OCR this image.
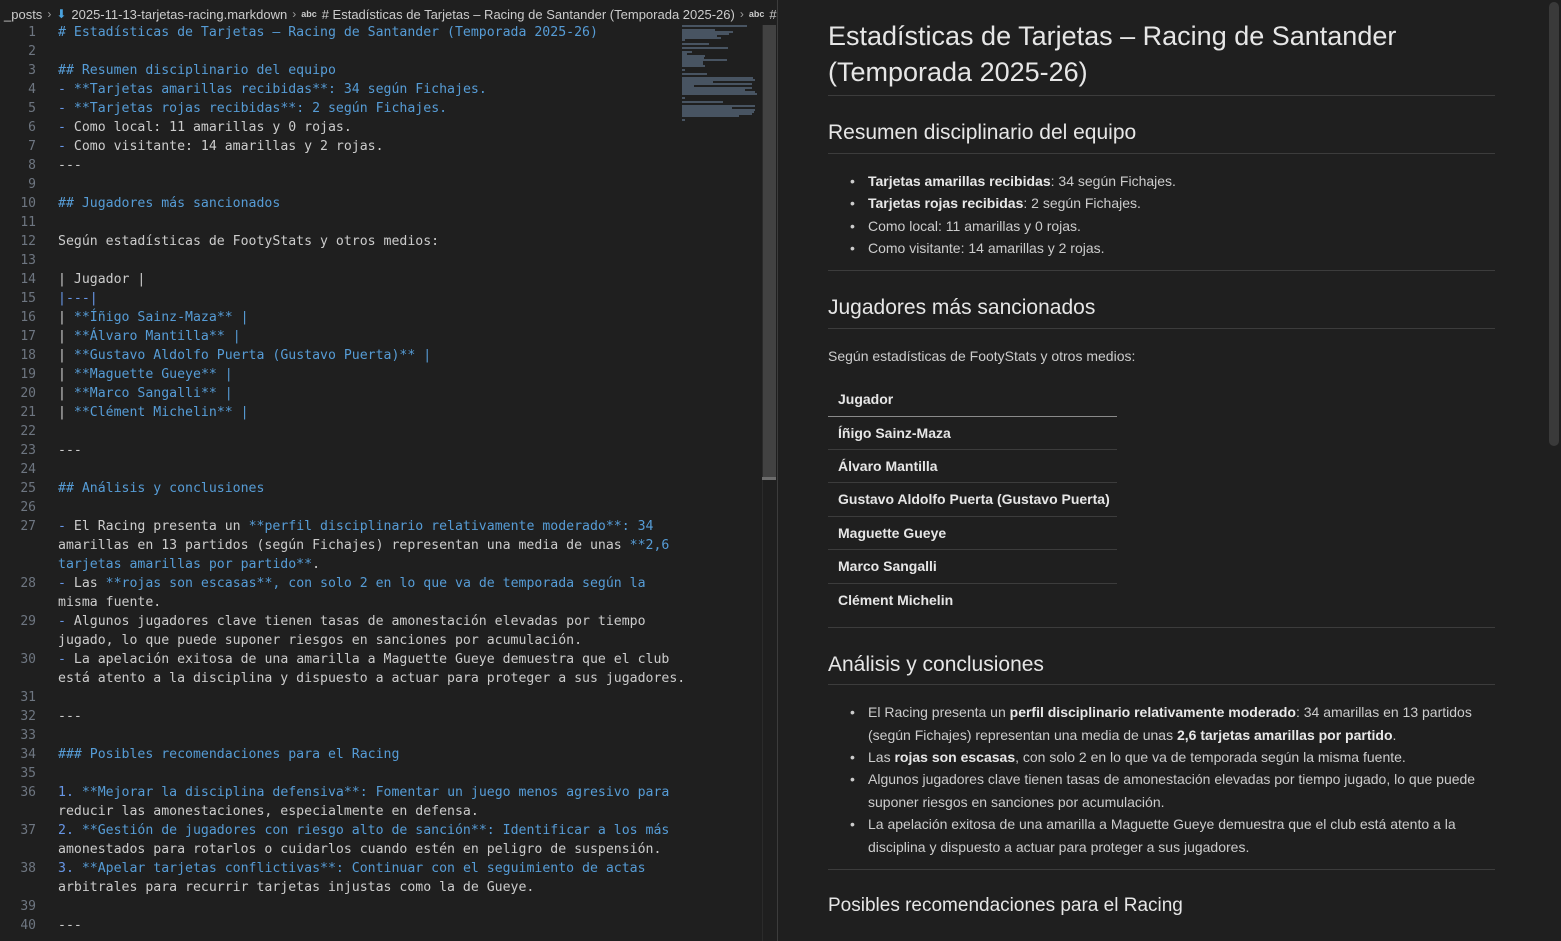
_posts › ⬇ 2025-11-13-tarjetas-racing.markdown › abc # Estadísticas de Tarjetas – Racing de Santander (Temporada 2025-26) › abc #
1 # Estadísticas de Tarjetas – Racing de Santander (Temporada 2025-26)
2
3 ## Resumen disciplinario del equipo
4 - **Tarjetas amarillas recibidas**: 34 según Fichajes.
5 - **Tarjetas rojas recibidas**: 2 según Fichajes.
6 - Como local: 11 amarillas y 0 rojas.
7 - Como visitante: 14 amarillas y 2 rojas.
8 ---
9
10 ## Jugadores más sancionados
11
12 Según estadísticas de FootyStats y otros medios:
13
14 | Jugador |
15 |---|
16 | **Íñigo Sainz-Maza** |
17 | **Álvaro Mantilla** |
18 | **Gustavo Aldolfo Puerta (Gustavo Puerta)** |
19 | **Maguette Gueye** |
20 | **Marco Sangalli** |
21 | **Clément Michelin** |
22
23 ---
24
25 ## Análisis y conclusiones
26
27 - El Racing presenta un **perfil disciplinario relativamente moderado**: 34
amarillas en 13 partidos (según Fichajes) representan una media de unas **2,6
tarjetas amarillas por partido**.
28 - Las **rojas son escasas**, con solo 2 en lo que va de temporada según la
misma fuente.
29 - Algunos jugadores clave tienen tasas de amonestación elevadas por tiempo
jugado, lo que puede suponer riesgos en sanciones por acumulación.
30 - La apelación exitosa de una amarilla a Maguette Gueye demuestra que el club
está atento a la disciplina y dispuesto a actuar para proteger a sus jugadores.
31
32 ---
33
34 ### Posibles recomendaciones para el Racing
35
36 1. **Mejorar la disciplina defensiva**: Fomentar un juego menos agresivo para
reducir las amonestaciones, especialmente en defensa.
37 2. **Gestión de jugadores con riesgo alto de sanción**: Identificar a los más
amonestados para rotarlos o cuidarlos cuando estén en peligro de suspensión.
38 3. **Apelar tarjetas conflictivas**: Continuar con el seguimiento de actas
arbitrales para recurrir tarjetas injustas como la de Gueye.
39
40 ---
Estadísticas de Tarjetas – Racing de Santander (Temporada 2025-26)
Resumen disciplinario del equipo
• Tarjetas amarillas recibidas: 34 según Fichajes.
• Tarjetas rojas recibidas: 2 según Fichajes.
• Como local: 11 amarillas y 0 rojas.
• Como visitante: 14 amarillas y 2 rojas.
Jugadores más sancionados
Según estadísticas de FootyStats y otros medios:
Jugador
Íñigo Sainz-Maza
Álvaro Mantilla
Gustavo Aldolfo Puerta (Gustavo Puerta)
Maguette Gueye
Marco Sangalli
Clément Michelin
Análisis y conclusiones
• El Racing presenta un perfil disciplinario relativamente moderado: 34 amarillas en 13 partidos
(según Fichajes) representan una media de unas 2,6 tarjetas amarillas por partido.
• Las rojas son escasas, con solo 2 en lo que va de temporada según la misma fuente.
• Algunos jugadores clave tienen tasas de amonestación elevadas por tiempo jugado, lo que puede
suponer riesgos en sanciones por acumulación.
• La apelación exitosa de una amarilla a Maguette Gueye demuestra que el club está atento a la
disciplina y dispuesto a actuar para proteger a sus jugadores.
Posibles recomendaciones para el Racing
